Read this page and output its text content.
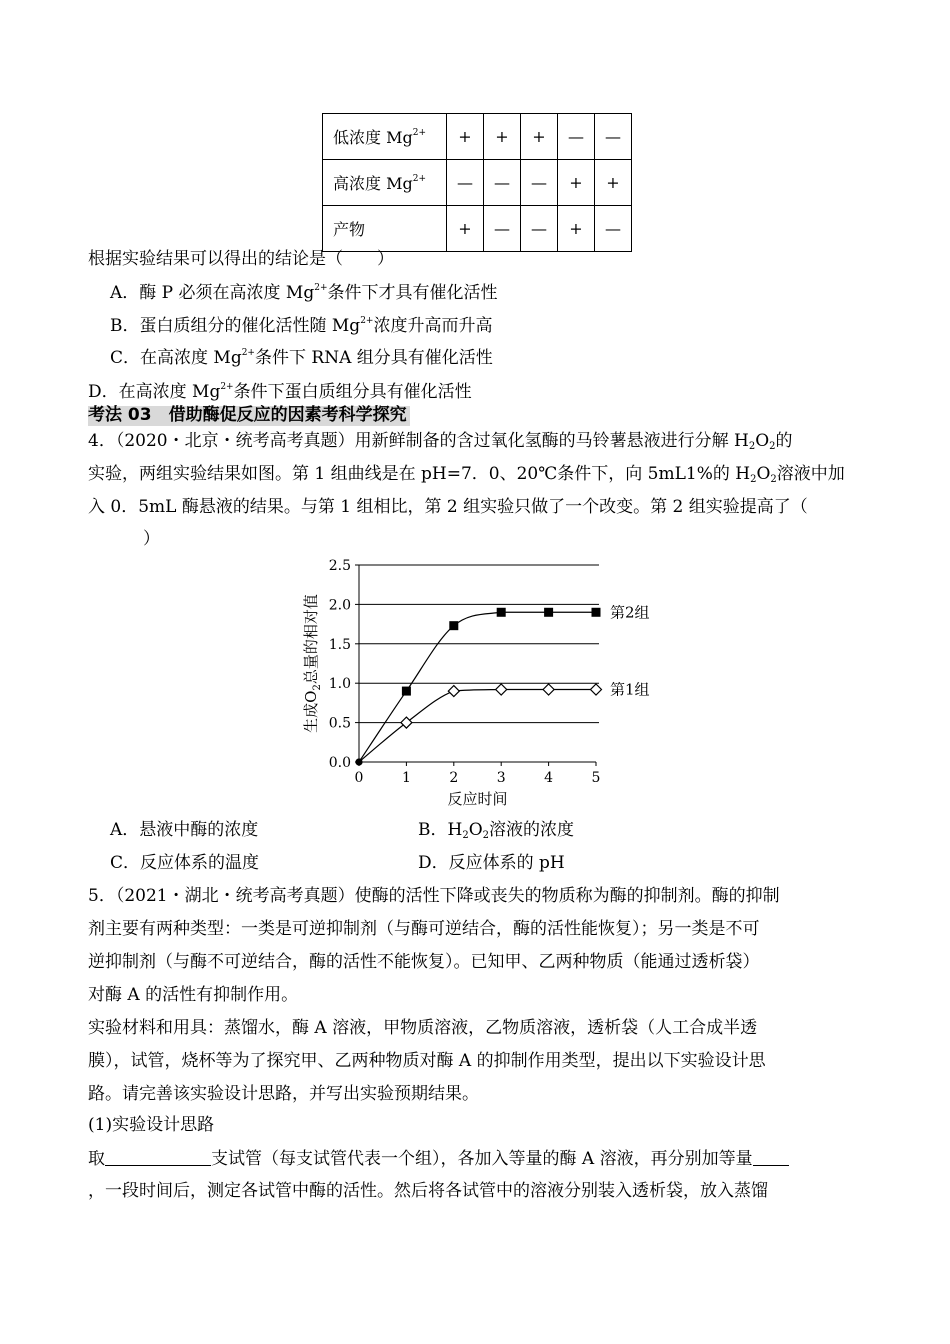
低浓度 $Mg^{2+}$	+	+	+	—	—
高浓度 $Mg^{2+}$	—	—	—	+	+
产物	+	—	—	+	—
根据实验结果可以得出的结论是（　　）
A．酶 P 必须在高浓度 $Mg^{2+}$条件下才具有催化活性
B．蛋白质组分的催化活性随 $Mg^{2+}$浓度升高而升高
C．在高浓度 $Mg^{2+}$条件下 RNA 组分具有催化活性
D．在高浓度 $Mg^{2+}$条件下蛋白质组分具有催化活性
考法 03　借助酶促反应的因素考科学探究
4．（2020・北京・统考高考真题）用新鲜制备的含过氧化氢酶的马铃薯悬液进行分解 $H_2O_2$的
实验，两组实验结果如图。第 1 组曲线是在 pH=7．0、20℃条件下，向 5mL1%的 $H_2O_2$溶液中加
入 0．5mL 酶悬液的结果。与第 1 组相比，第 2 组实验只做了一个改变。第 2 组实验提高了（
）
0.0
0.5
1.0
1.5
2.0
2.5
0	1	2	3	4	5
反应时间
生成$O_2$总量的相对值	第2组
第1组
A．悬液中酶的浓度	B．$H_2O_2$溶液的浓度
C．反应体系的温度	D．反应体系的 pH
5．（2021・湖北・统考高考真题）使酶的活性下降或丧失的物质称为酶的抑制剂。酶的抑制
剂主要有两种类型：一类是可逆抑制剂（与酶可逆结合，酶的活性能恢复）；另一类是不可
逆抑制剂（与酶不可逆结合，酶的活性不能恢复）。已知甲、乙两种物质（能通过透析袋）
对酶 A 的活性有抑制作用。
实验材料和用具：蒸馏水，酶 A 溶液，甲物质溶液，乙物质溶液，透析袋（人工合成半透
膜），试管，烧杯等为了探究甲、乙两种物质对酶 A 的抑制作用类型，提出以下实验设计思
路。请完善该实验设计思路，并写出实验预期结果。
(1)实验设计思路
取	支试管（每支试管代表一个组），各加入等量的酶 A 溶液，再分别加等量
，一段时间后，测定各试管中酶的活性。然后将各试管中的溶液分别装入透析袋，放入蒸馏
